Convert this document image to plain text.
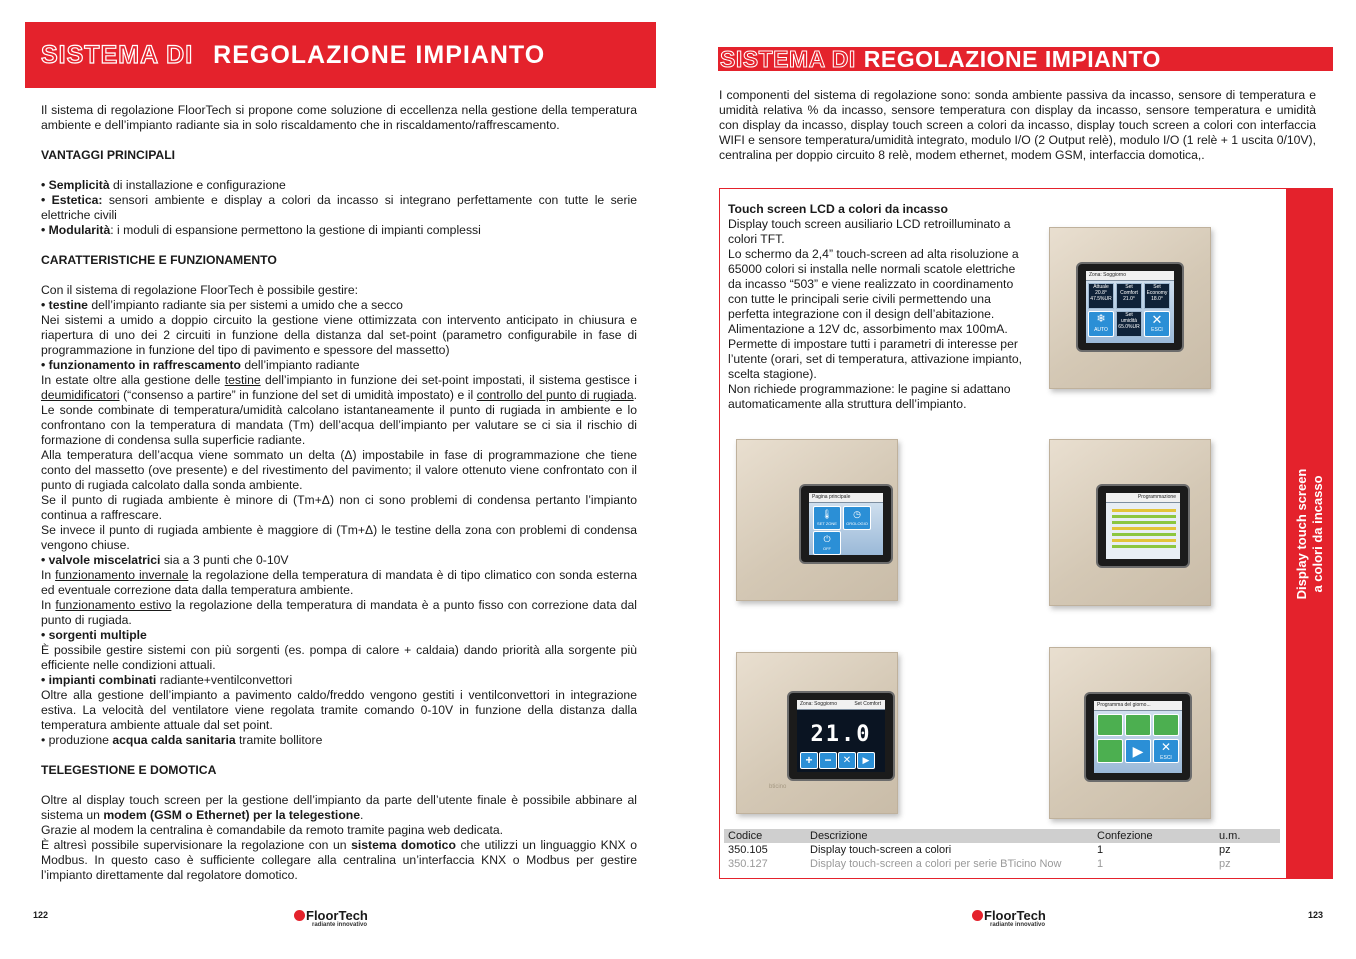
SISTEMA DI REGOLAZIONE IMPIANTO

Il sistema di regolazione FloorTech si propone come soluzione di eccellenza nella gestione della temperatura ambiente e dell’impianto radiante sia in solo riscaldamento che in riscaldamento/raffrescamento.

VANTAGGI PRINCIPALI

• Semplicità di installazione e configurazione

• Estetica: sensori ambiente e display a colori da incasso si integrano perfettamente con tutte le serie elettriche civili

• Modularità: i moduli di espansione permettono la gestione di impianti complessi

CARATTERISTICHE E FUNZIONAMENTO

Con il sistema di regolazione FloorTech è possibile gestire:

• testine dell’impianto radiante sia per sistemi a umido che a secco

Nei sistemi a umido a doppio circuito la gestione viene ottimizzata con intervento anticipato in chiusura e riapertura di uno dei 2 circuiti in funzione della distanza dal set-point (parametro configurabile in fase di programmazione in funzione del tipo di pavimento e spessore del massetto)

• funzionamento in raffrescamento dell’impianto radiante

In estate oltre alla gestione delle testine dell’impianto in funzione dei set-point impostati, il sistema gestisce i deumidificatori (“consenso a partire” in funzione del set di umidità impostato) e il controllo del punto di rugiada. Le sonde combinate di temperatura/umidità calcolano istantaneamente il punto di rugiada in ambiente e lo confrontano con la temperatura di mandata (Tm) dell’acqua dell’impianto per valutare se ci sia il rischio di formazione di condensa sulla superficie radiante.

Alla temperatura dell’acqua viene sommato un delta (Δ) impostabile in fase di programmazione che tiene conto del massetto (ove presente) e del rivestimento del pavimento; il valore ottenuto viene confrontato con il punto di rugiada calcolato dalla sonda ambiente.

Se il punto di rugiada ambiente è minore di (Tm+Δ) non ci sono problemi di condensa pertanto l’impianto continua a raffrescare.

Se invece il punto di rugiada ambiente è maggiore di (Tm+Δ) le testine della zona con problemi di condensa vengono chiuse.

• valvole miscelatrici sia a 3 punti che 0-10V

In funzionamento invernale la regolazione della temperatura di mandata è di tipo climatico con sonda esterna ed eventuale correzione data dalla temperatura ambiente.

In funzionamento estivo la regolazione della temperatura di mandata è a punto fisso con correzione data dal punto di rugiada.

• sorgenti multiple

È possibile gestire sistemi con più sorgenti (es. pompa di calore + caldaia) dando priorità alla sorgente più efficiente nelle condizioni attuali.

• impianti combinati radiante+ventilconvettori

Oltre alla gestione dell’impianto a pavimento caldo/freddo vengono gestiti i ventilconvettori in integrazione estiva. La velocità del ventilatore viene regolata tramite comando 0-10V in funzione della distanza dalla temperatura ambiente attuale dal set point.

• produzione acqua calda sanitaria tramite bollitore

TELEGESTIONE E DOMOTICA

Oltre al display touch screen per la gestione dell’impianto da parte dell’utente finale è possibile abbinare al sistema un modem (GSM o Ethernet) per la telegestione.

Grazie al modem la centralina è comandabile da remoto tramite pagina web dedicata.

È altresì possibile supervisionare la regolazione con un sistema domotico che utilizzi un linguaggio KNX o Modbus. In questo caso è sufficiente collegare alla centralina un’interfaccia KNX o Modbus per gestire l’impianto direttamente dal regolatore domotico.

122	FloorTech
radiante innovativo
SISTEMA DI REGOLAZIONE IMPIANTO
I componenti del sistema di regolazione sono: sonda ambiente passiva da incasso, sensore di temperatura e umidità relativa % da incasso, sensore temperatura con display da incasso, sensore temperatura e umidità con display da incasso, display touch screen a colori da incasso, display touch screen a colori con interfaccia WIFI e sensore temperatura/umidità integrato, modulo I/O (2 Output relè), modulo I/O (1 relè + 1 uscita 0/10V), centralina per doppio circuito 8 relè, modem ethernet, modem GSM, interfaccia domotica,.
Display touch screen a colori da incasso

Touch screen LCD a colori da incasso

Display touch screen ausiliario LCD retroilluminato a colori TFT.

Lo schermo da 2,4” touch-screen ad alta risoluzione a 65000 colori si installa nelle normali scatole elettriche da incasso “503” e viene realizzato in coordinamento con tutte le principali serie civili permettendo una perfetta integrazione con il design dell’abitazione.

Alimentazione a 12V dc, assorbimento max 100mA.

Permette di impostare tutti i parametri di interesse per l’utente (orari, set di temperatura, attivazione impianto, scelta stagione).

Non richiede programmazione: le pagine si adattano automaticamente alla struttura dell’impianto.

Zona: Soggiorno
Attuale
20.8°
47.5%UR
Set Comfort
21.0°
Set Economy
18.0°
❄
AUTO
Set umidità
65.0%UR ✕
ESCI
Pagina principale
🌡
SET ZONE
◷
OROLOGIO
⏻
OFF
Programmazione
Zona: Soggiorno	Set Comfort
21.0
+ −	✕	▶
bticino
Programma del giorno...
▶	✕
ESCI
Codice	Descrizione	Confezione	u.m.
350.105	Display touch-screen a colori	1	pz
350.127	Display touch-screen a colori per serie BTicino Now	1	pz
FloorTech
radiante innovativo
123
